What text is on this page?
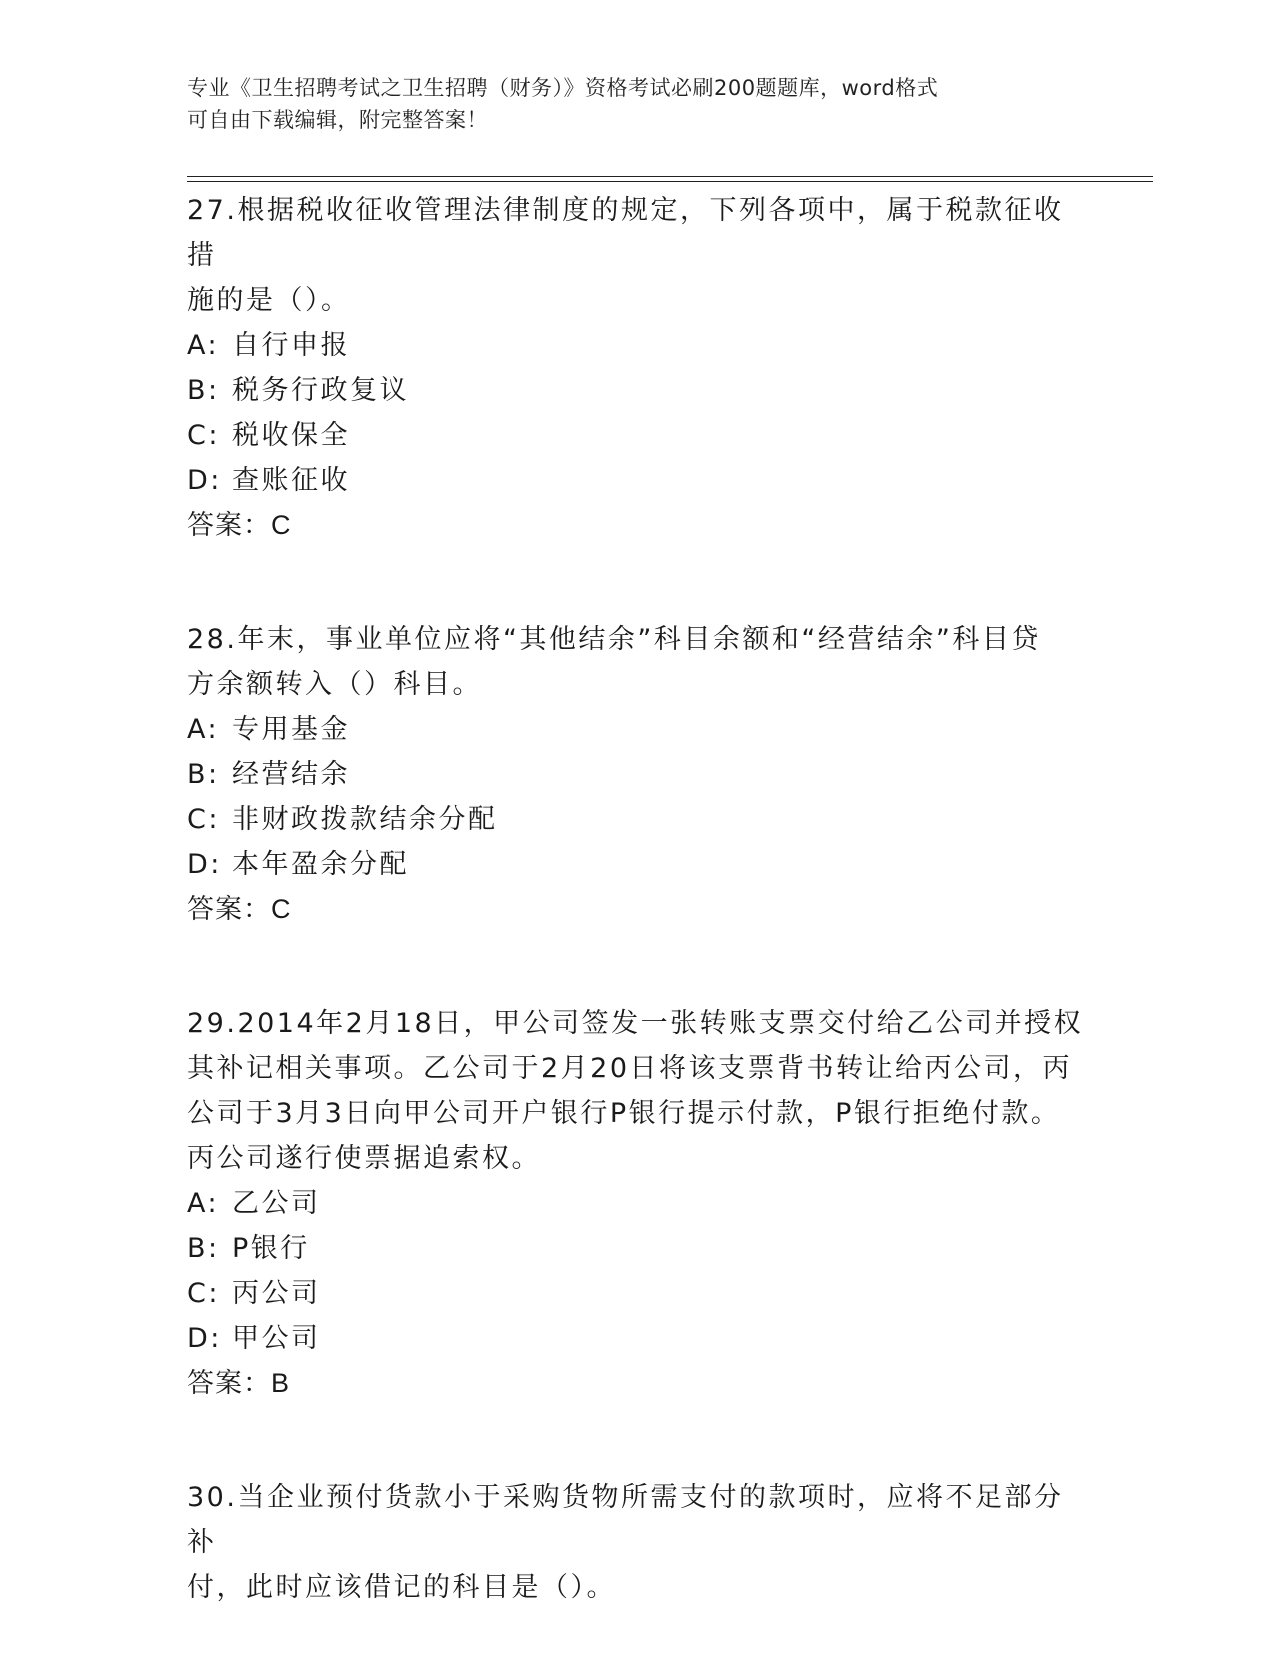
专业《卫生招聘考试之卫生招聘（财务）》资格考试必刷200题题库，word格式
可自由下载编辑，附完整答案！

27.根据税收征收管理法律制度的规定，下列各项中，属于税款征收措

施的是（）。

A: 自行申报
B: 税务行政复议
C: 税收保全
D: 查账征收

答案：C

28.年末，事业单位应将“其他结余”科目余额和“经营结余”科目贷

方余额转入（）科目。

A: 专用基金
B: 经营结余
C: 非财政拨款结余分配
D: 本年盈余分配

答案：C

29.2014年2月18日，甲公司签发一张转账支票交付给乙公司并授权

其补记相关事项。乙公司于2月20日将该支票背书转让给丙公司，丙

公司于3月3日向甲公司开户银行P银行提示付款，P银行拒绝付款。

丙公司遂行使票据追索权。

A: 乙公司
B: P银行
C: 丙公司
D: 甲公司

答案：B

30.当企业预付货款小于采购货物所需支付的款项时，应将不足部分补

付，此时应该借记的科目是（）。
